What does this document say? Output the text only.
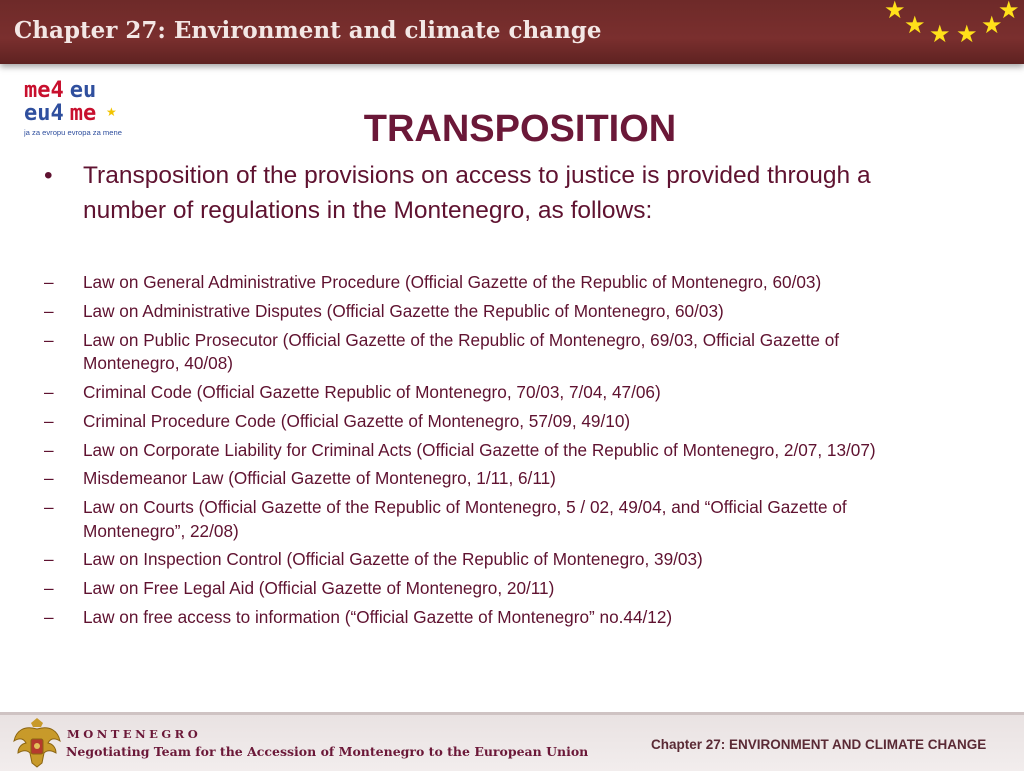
Chapter 27: Environment and climate change
★
★ ★ ★ ★
★
me4 eu
eu4 me ★
ja za evropu evropa za mene	TRANSPOSITION
• Transposition of the provisions on access to justice is provided through a number of regulations in the Montenegro, as follows:
– Law on General Administrative Procedure (Official Gazette of the Republic of Montenegro, 60/03)
– Law on Administrative Disputes (Official Gazette the Republic of Montenegro, 60/03)
– Law on Public Prosecutor (Official Gazette of the Republic of Montenegro, 69/03, Official Gazette of Montenegro, 40/08)
– Criminal Code (Official Gazette Republic of Montenegro, 70/03, 7/04, 47/06)
– Criminal Procedure Code (Official Gazette of Montenegro, 57/09, 49/10)
– Law on Corporate Liability for Criminal Acts (Official Gazette of the Republic of Montenegro, 2/07, 13/07)
– Misdemeanor Law (Official Gazette of Montenegro, 1/11, 6/11)
– Law on Courts (Official Gazette of the Republic of Montenegro, 5 / 02, 49/04, and “Official Gazette of Montenegro”, 22/08)
– Law on Inspection Control (Official Gazette of the Republic of Montenegro, 39/03)
– Law on Free Legal Aid (Official Gazette of Montenegro, 20/11)
– Law on free access to information (“Official Gazette of Montenegro” no.44/12)
MONTENEGRO
Negotiating Team for the Accession of Montenegro to the European Union	Chapter 27: ENVIRONMENT AND CLIMATE CHANGE
